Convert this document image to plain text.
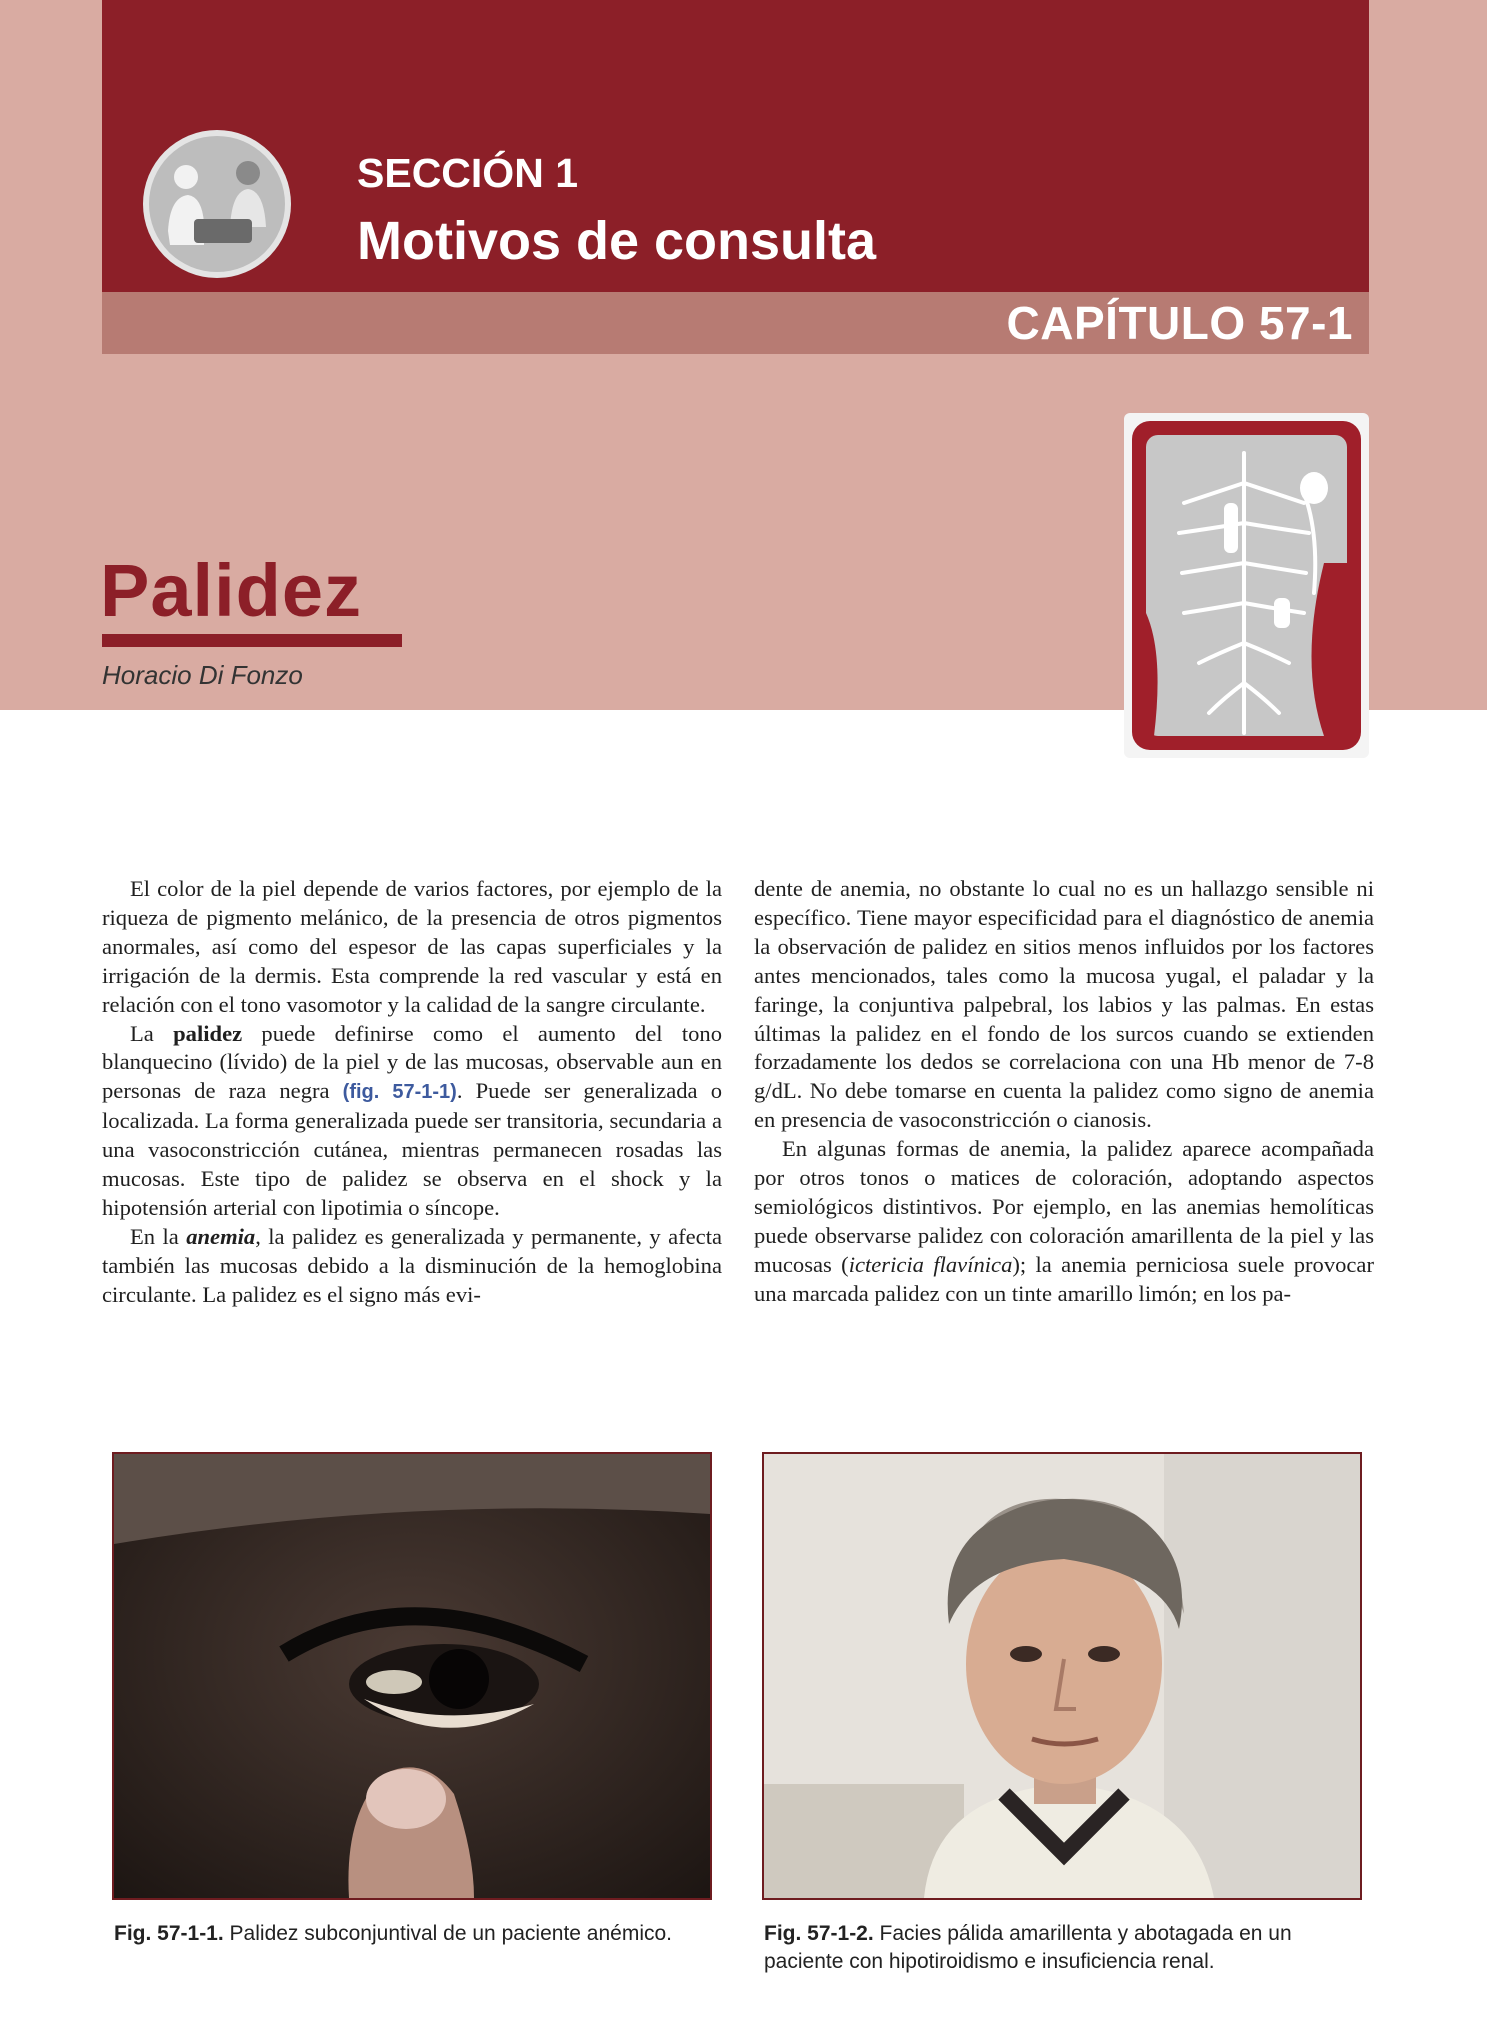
SECCIÓN 1
Motivos de consulta
CAPÍTULO 57-1
Palidez
Horacio Di Fonzo

El color de la piel depende de varios factores, por ejemplo de la riqueza de pigmento melánico, de la presencia de otros pigmentos anormales, así como del espesor de las capas superficiales y la irrigación de la dermis. Esta comprende la red vascular y está en relación con el tono vasomotor y la calidad de la sangre circulante.

La palidez puede definirse como el aumento del tono blanquecino (lívido) de la piel y de las mucosas, observable aun en personas de raza negra (fig. 57-1-1). Puede ser generalizada o localizada. La forma generalizada puede ser transitoria, secundaria a una vasoconstricción cutánea, mientras permanecen rosadas las mucosas. Este tipo de palidez se observa en el shock y la hipotensión arterial con lipotimia o síncope.

En la anemia, la palidez es generalizada y permanente, y afecta también las mucosas debido a la disminución de la hemoglobina circulante. La palidez es el signo más evi-

dente de anemia, no obstante lo cual no es un hallazgo sensible ni específico. Tiene mayor especificidad para el diagnóstico de anemia la observación de palidez en sitios menos influidos por los factores antes mencionados, tales como la mucosa yugal, el paladar y la faringe, la conjuntiva palpebral, los labios y las palmas. En estas últimas la palidez en el fondo de los surcos cuando se extienden forzadamente los dedos se correlaciona con una Hb menor de 7-8 g/dL. No debe tomarse en cuenta la palidez como signo de anemia en presencia de vasoconstricción o cianosis.

En algunas formas de anemia, la palidez aparece acompañada por otros tonos o matices de coloración, adoptando aspectos semiológicos distintivos. Por ejemplo, en las anemias hemolíticas puede observarse palidez con coloración amarillenta de la piel y las mucosas (ictericia flavínica); la anemia perniciosa suele provocar una marcada palidez con un tinte amarillo limón; en los pa-

Fig. 57-1-1. Palidez subconjuntival de un paciente anémico.	Fig. 57-1-2. Facies pálida amarillenta y abotagada en un paciente con hipotiroidismo e insuficiencia renal.
